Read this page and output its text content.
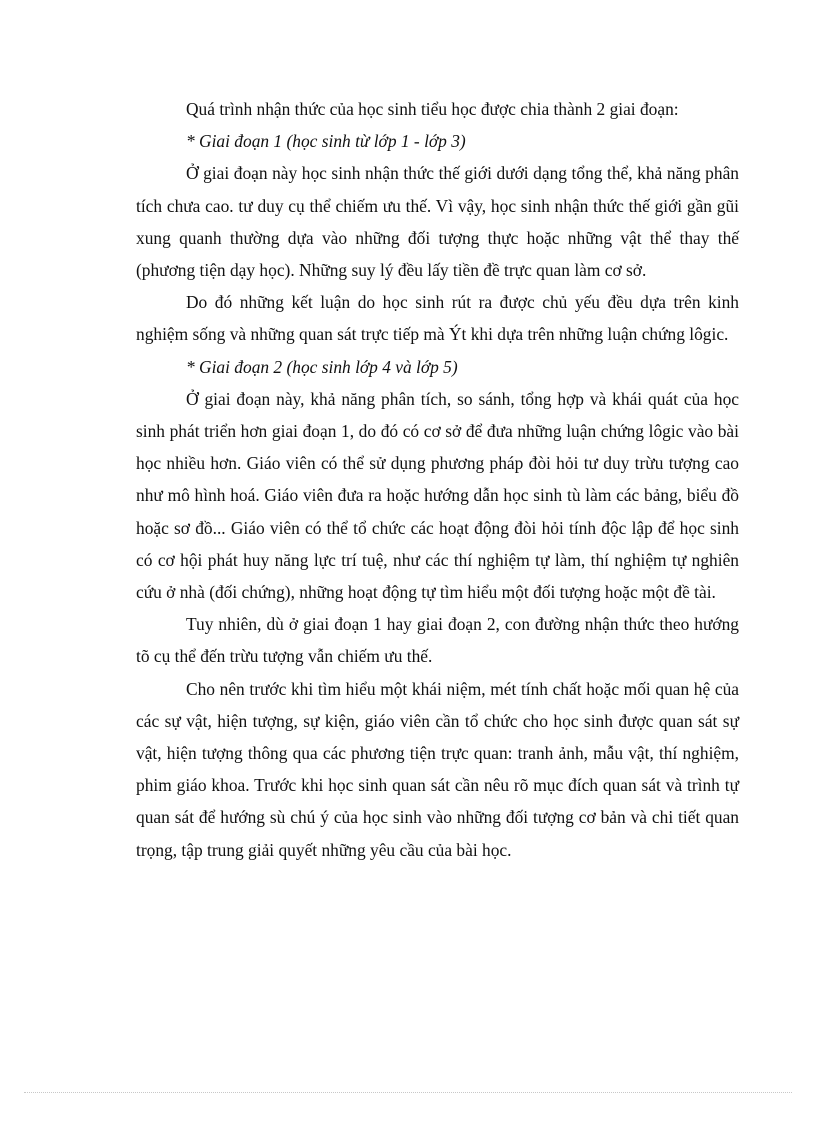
Quá trình nhận thức của học sinh tiểu học được chia thành 2 giai đoạn:

* Giai đoạn 1 (học sinh từ lớp 1 - lớp 3)

Ở giai đoạn này học sinh nhận thức thế giới dưới dạng tổng thể, khả năng phân tích chưa cao. tư duy cụ thể chiếm ưu thế. Vì vậy, học sinh nhận thức thế giới gần gũi xung quanh thường dựa vào những đối tượng thực hoặc những vật thể thay thế (phương tiện dạy học). Những suy lý đều lấy tiền đề trực quan làm cơ sở.

Do đó những kết luận do học sinh rút ra được chủ yếu đều dựa trên kinh nghiệm sống và những quan sát trực tiếp mà Ýt khi dựa trên những luận chứng lôgic.

* Giai đoạn 2 (học sinh lớp 4 và lớp 5)

Ở giai đoạn này, khả năng phân tích, so sánh, tổng hợp và khái quát của học sinh phát triển hơn giai đoạn 1, do đó có cơ sở để đưa những luận chứng lôgic vào bài học nhiều hơn. Giáo viên có thể sử dụng phương pháp đòi hỏi tư duy trừu tượng cao như mô hình hoá. Giáo viên đưa ra hoặc hướng dẫn học sinh tù làm các bảng, biểu đồ hoặc sơ đồ... Giáo viên có thể tổ chức các hoạt động đòi hỏi tính độc lập để học sinh có cơ hội phát huy năng lực trí tuệ, như các thí nghiệm tự làm, thí nghiệm tự nghiên cứu ở nhà (đối chứng), những hoạt động tự tìm hiểu một đối tượng hoặc một đề tài.

Tuy nhiên, dù ở giai đoạn 1 hay giai đoạn 2, con đường nhận thức theo hướng tõ cụ thể đến trừu tượng vẫn chiếm ưu thế.

Cho nên trước khi tìm hiểu một khái niệm, mét tính chất hoặc mối quan hệ của các sự vật, hiện tượng, sự kiện, giáo viên cần tổ chức cho học sinh được quan sát sự vật, hiện tượng thông qua các phương tiện trực quan: tranh ảnh, mẫu vật, thí nghiệm, phim giáo khoa. Trước khi học sinh quan sát cần nêu rõ mục đích quan sát và trình tự quan sát để hướng sù chú ý của học sinh vào những đối tượng cơ bản và chi tiết quan trọng, tập trung giải quyết những yêu cầu của bài học.
